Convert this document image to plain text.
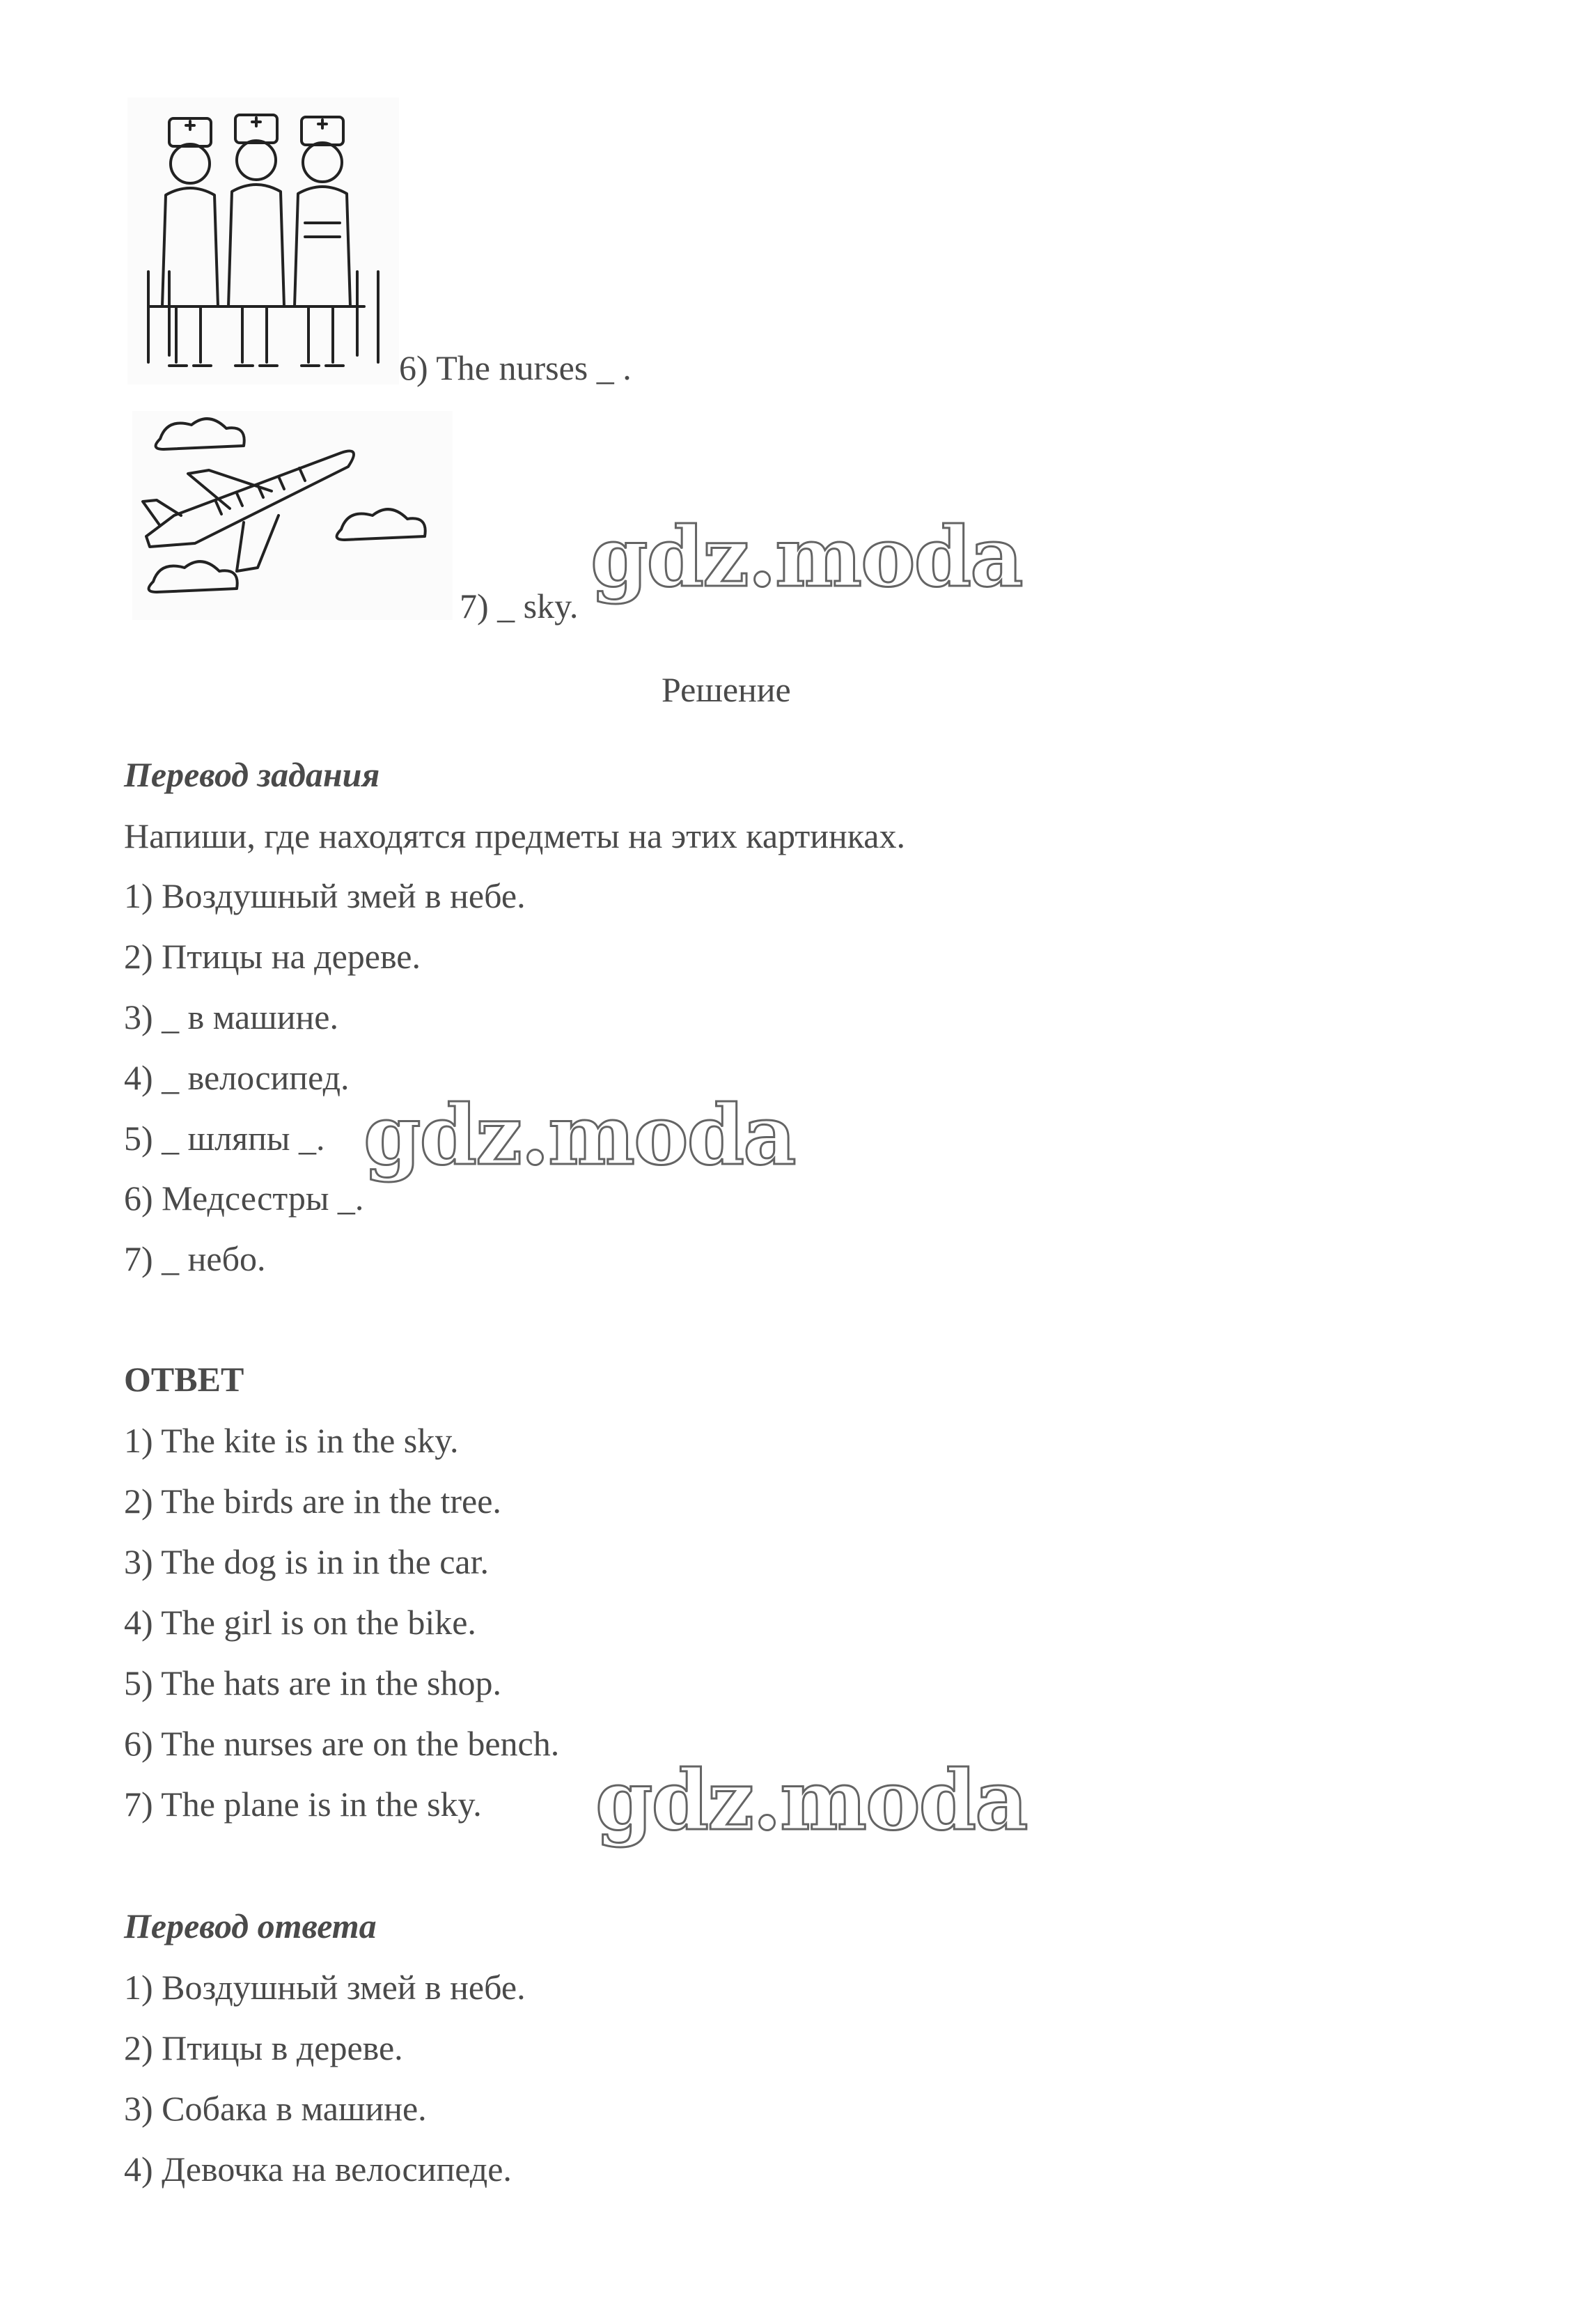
6) The nurses _ .
7) _ sky.
gdz.moda
Решение
Перевод задания
Напиши, где находятся предметы на этих картинках.
1) Воздушный змей в небе.
2) Птицы на дереве.
3) _ в машине.
4) _ велосипед.
5) _ шляпы _.
6) Медсестры _.
7) _ небо.
gdz.moda
ОТВЕТ
1) The kite is in the sky.
2) The birds are in the tree.
3) The dog is in in the car.
4) The girl is on the bike.
5) The hats are in the shop.
6) The nurses are on the bench.
7) The plane is in the sky. gdz.moda
Перевод ответа
1) Воздушный змей в небе.
2) Птицы в дереве.
3) Собака в машине.
4) Девочка на велосипеде.
